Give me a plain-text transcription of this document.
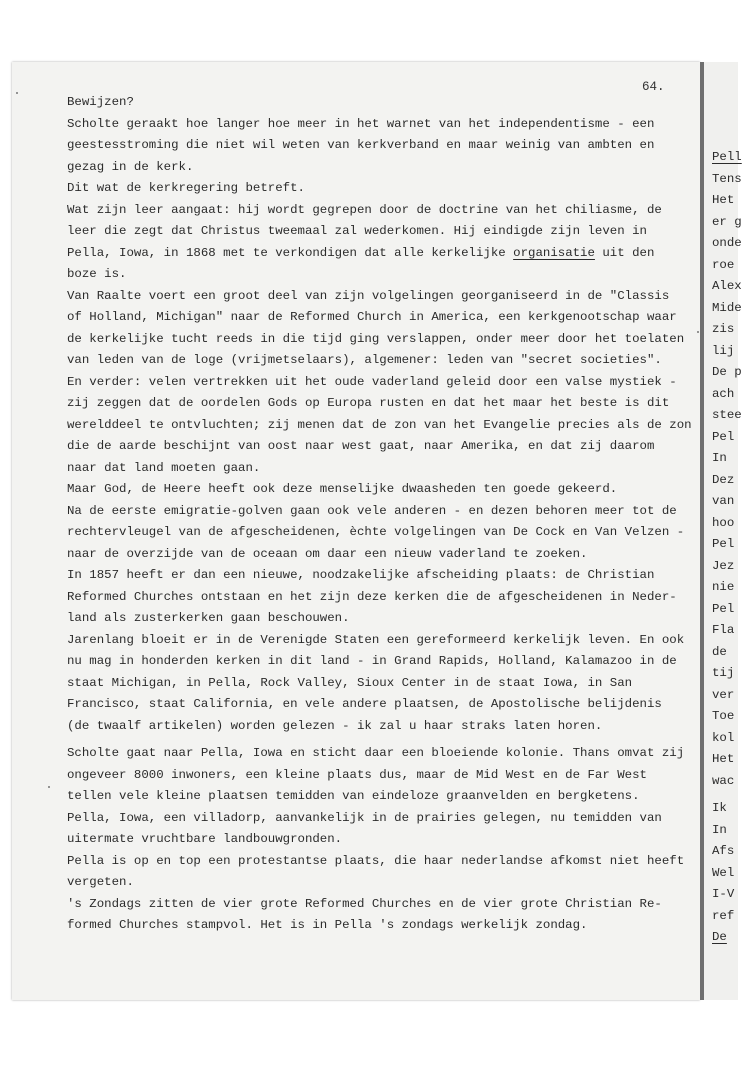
64.
Bewijzen?
Scholte geraakt hoe langer hoe meer in het warnet van het independentisme - een
geestesstroming die niet wil weten van kerkverband en maar weinig van ambten en
gezag in de kerk.
Dit wat de kerkregering betreft.
Wat zijn leer aangaat: hij wordt gegrepen door de doctrine van het chiliasme, de
leer die zegt dat Christus tweemaal zal wederkomen. Hij eindigde zijn leven in
Pella, Iowa, in 1868 met te verkondigen dat alle kerkelijke organisatie uit den
boze is.
Van Raalte voert een groot deel van zijn volgelingen georganiseerd in de "Classis
of Holland, Michigan" naar de Reformed Church in America, een kerkgenootschap waar
de kerkelijke tucht reeds in die tijd ging verslappen, onder meer door het toelaten
van leden van de loge (vrijmetselaars), algemener: leden van "secret societies".
En verder: velen vertrekken uit het oude vaderland geleid door een valse mystiek -
zij zeggen dat de oordelen Gods op Europa rusten en dat het maar het beste is dit
werelddeel te ontvluchten; zij menen dat de zon van het Evangelie precies als de zon
die de aarde beschijnt van oost naar west gaat, naar Amerika, en dat zij daarom
naar dat land moeten gaan.
Maar God, de Heere heeft ook deze menselijke dwaasheden ten goede gekeerd.
Na de eerste emigratie-golven gaan ook vele anderen - en dezen behoren meer tot de
rechtervleugel van de afgescheidenen, èchte volgelingen van De Cock en Van Velzen -
naar de overzijde van de oceaan om daar een nieuw vaderland te zoeken.
In 1857 heeft er dan een nieuwe, noodzakelijke afscheiding plaats: de Christian
Reformed Churches ontstaan en het zijn deze kerken die de afgescheidenen in Neder-
land als zusterkerken gaan beschouwen.
Jarenlang bloeit er in de Verenigde Staten een gereformeerd kerkelijk leven. En ook
nu mag in honderden kerken in dit land - in Grand Rapids, Holland, Kalamazoo in de
staat Michigan, in Pella, Rock Valley, Sioux Center in de staat Iowa, in San
Francisco, staat California, en vele andere plaatsen, de Apostolische belijdenis
(de twaalf artikelen) worden gelezen - ik zal u haar straks laten horen.
Scholte gaat naar Pella, Iowa en sticht daar een bloeiende kolonie. Thans omvat zij
ongeveer 8000 inwoners, een kleine plaats dus, maar de Mid West en de Far West
tellen vele kleine plaatsen temidden van eindeloze graanvelden en bergketens.
Pella, Iowa, een villadorp, aanvankelijk in de prairies gelegen, nu temidden van
uitermate vruchtbare landbouwgronden.
Pella is op en top een protestantse plaats, die haar nederlandse afkomst niet heeft
vergeten.
's Zondags zitten de vier grote Reformed Churches en de vier grote Christian Re-
formed Churches stampvol. Het is in Pella 's zondags werkelijk zondag.
Pell
Tens
Het
er g
onde
roe
Alex
Mide
zis
lij
De p
ach
stee
Pel
In
Dez
van
hoo
Pel
Jez
nie
Pel
Fla
de
tij
ver
Toe
kol
Het
wac
Ik
In
Afs
Wel
I-V
ref
De
